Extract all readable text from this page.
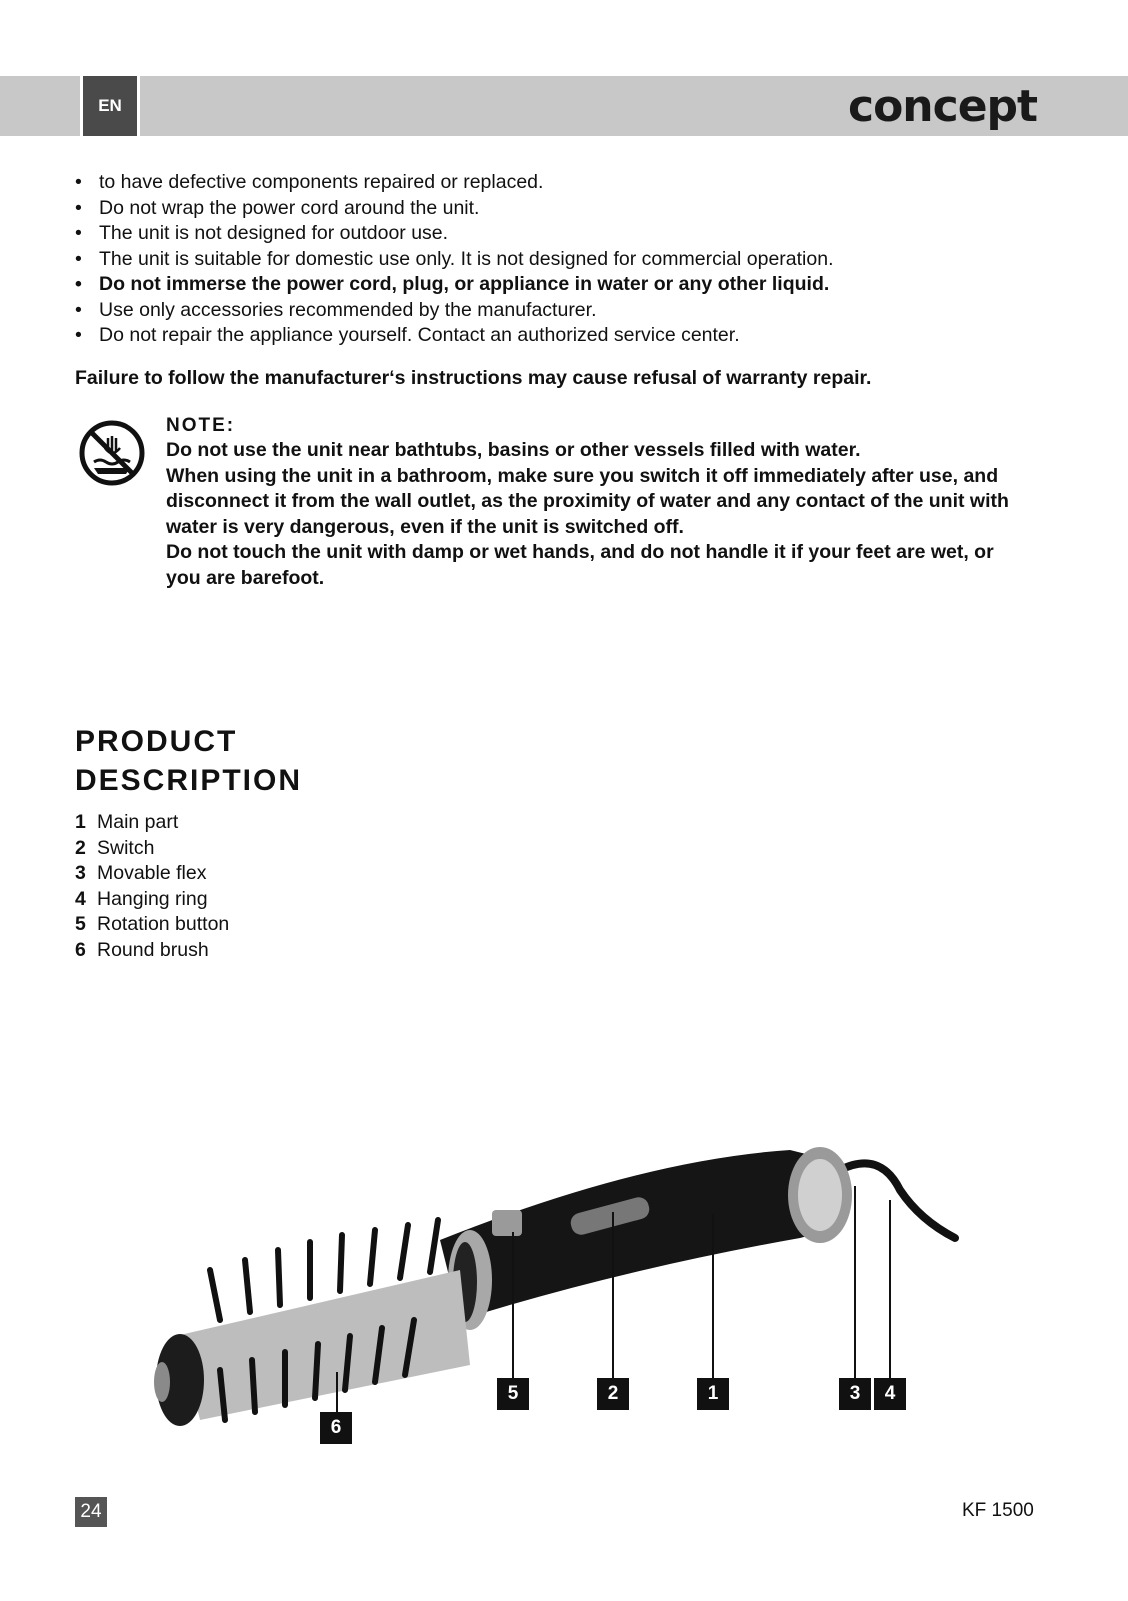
EN	concept
• to have defective components repaired or replaced.
• Do not wrap the power cord around the unit.
• The unit is not designed for outdoor use.
• The unit is suitable for domestic use only. It is not designed for commercial operation.
• Do not immerse the power cord, plug, or appliance in water or any other liquid.
• Use only accessories recommended by the manufacturer.
• Do not repair the appliance yourself. Contact an authorized service center.
Failure to follow the manufacturer‘s instructions may cause refusal of warranty repair.
NOTE:

Do not use the unit near bathtubs, basins or other vessels filled with water.

When using the unit in a bathroom, make sure you switch it off immediately after use, and

disconnect it from the wall outlet, as the proximity of water and any contact of the unit with

water is very dangerous, even if the unit is switched off.

Do not touch the unit with damp or wet hands, and do not handle it if your feet are wet, or

you are barefoot.

PRODUCT
DESCRIPTION
1 Main part
2 Switch
3 Movable flex
4 Hanging ring
5 Rotation button
6 Round brush
5	2	1	3	4
6
24	KF 1500
